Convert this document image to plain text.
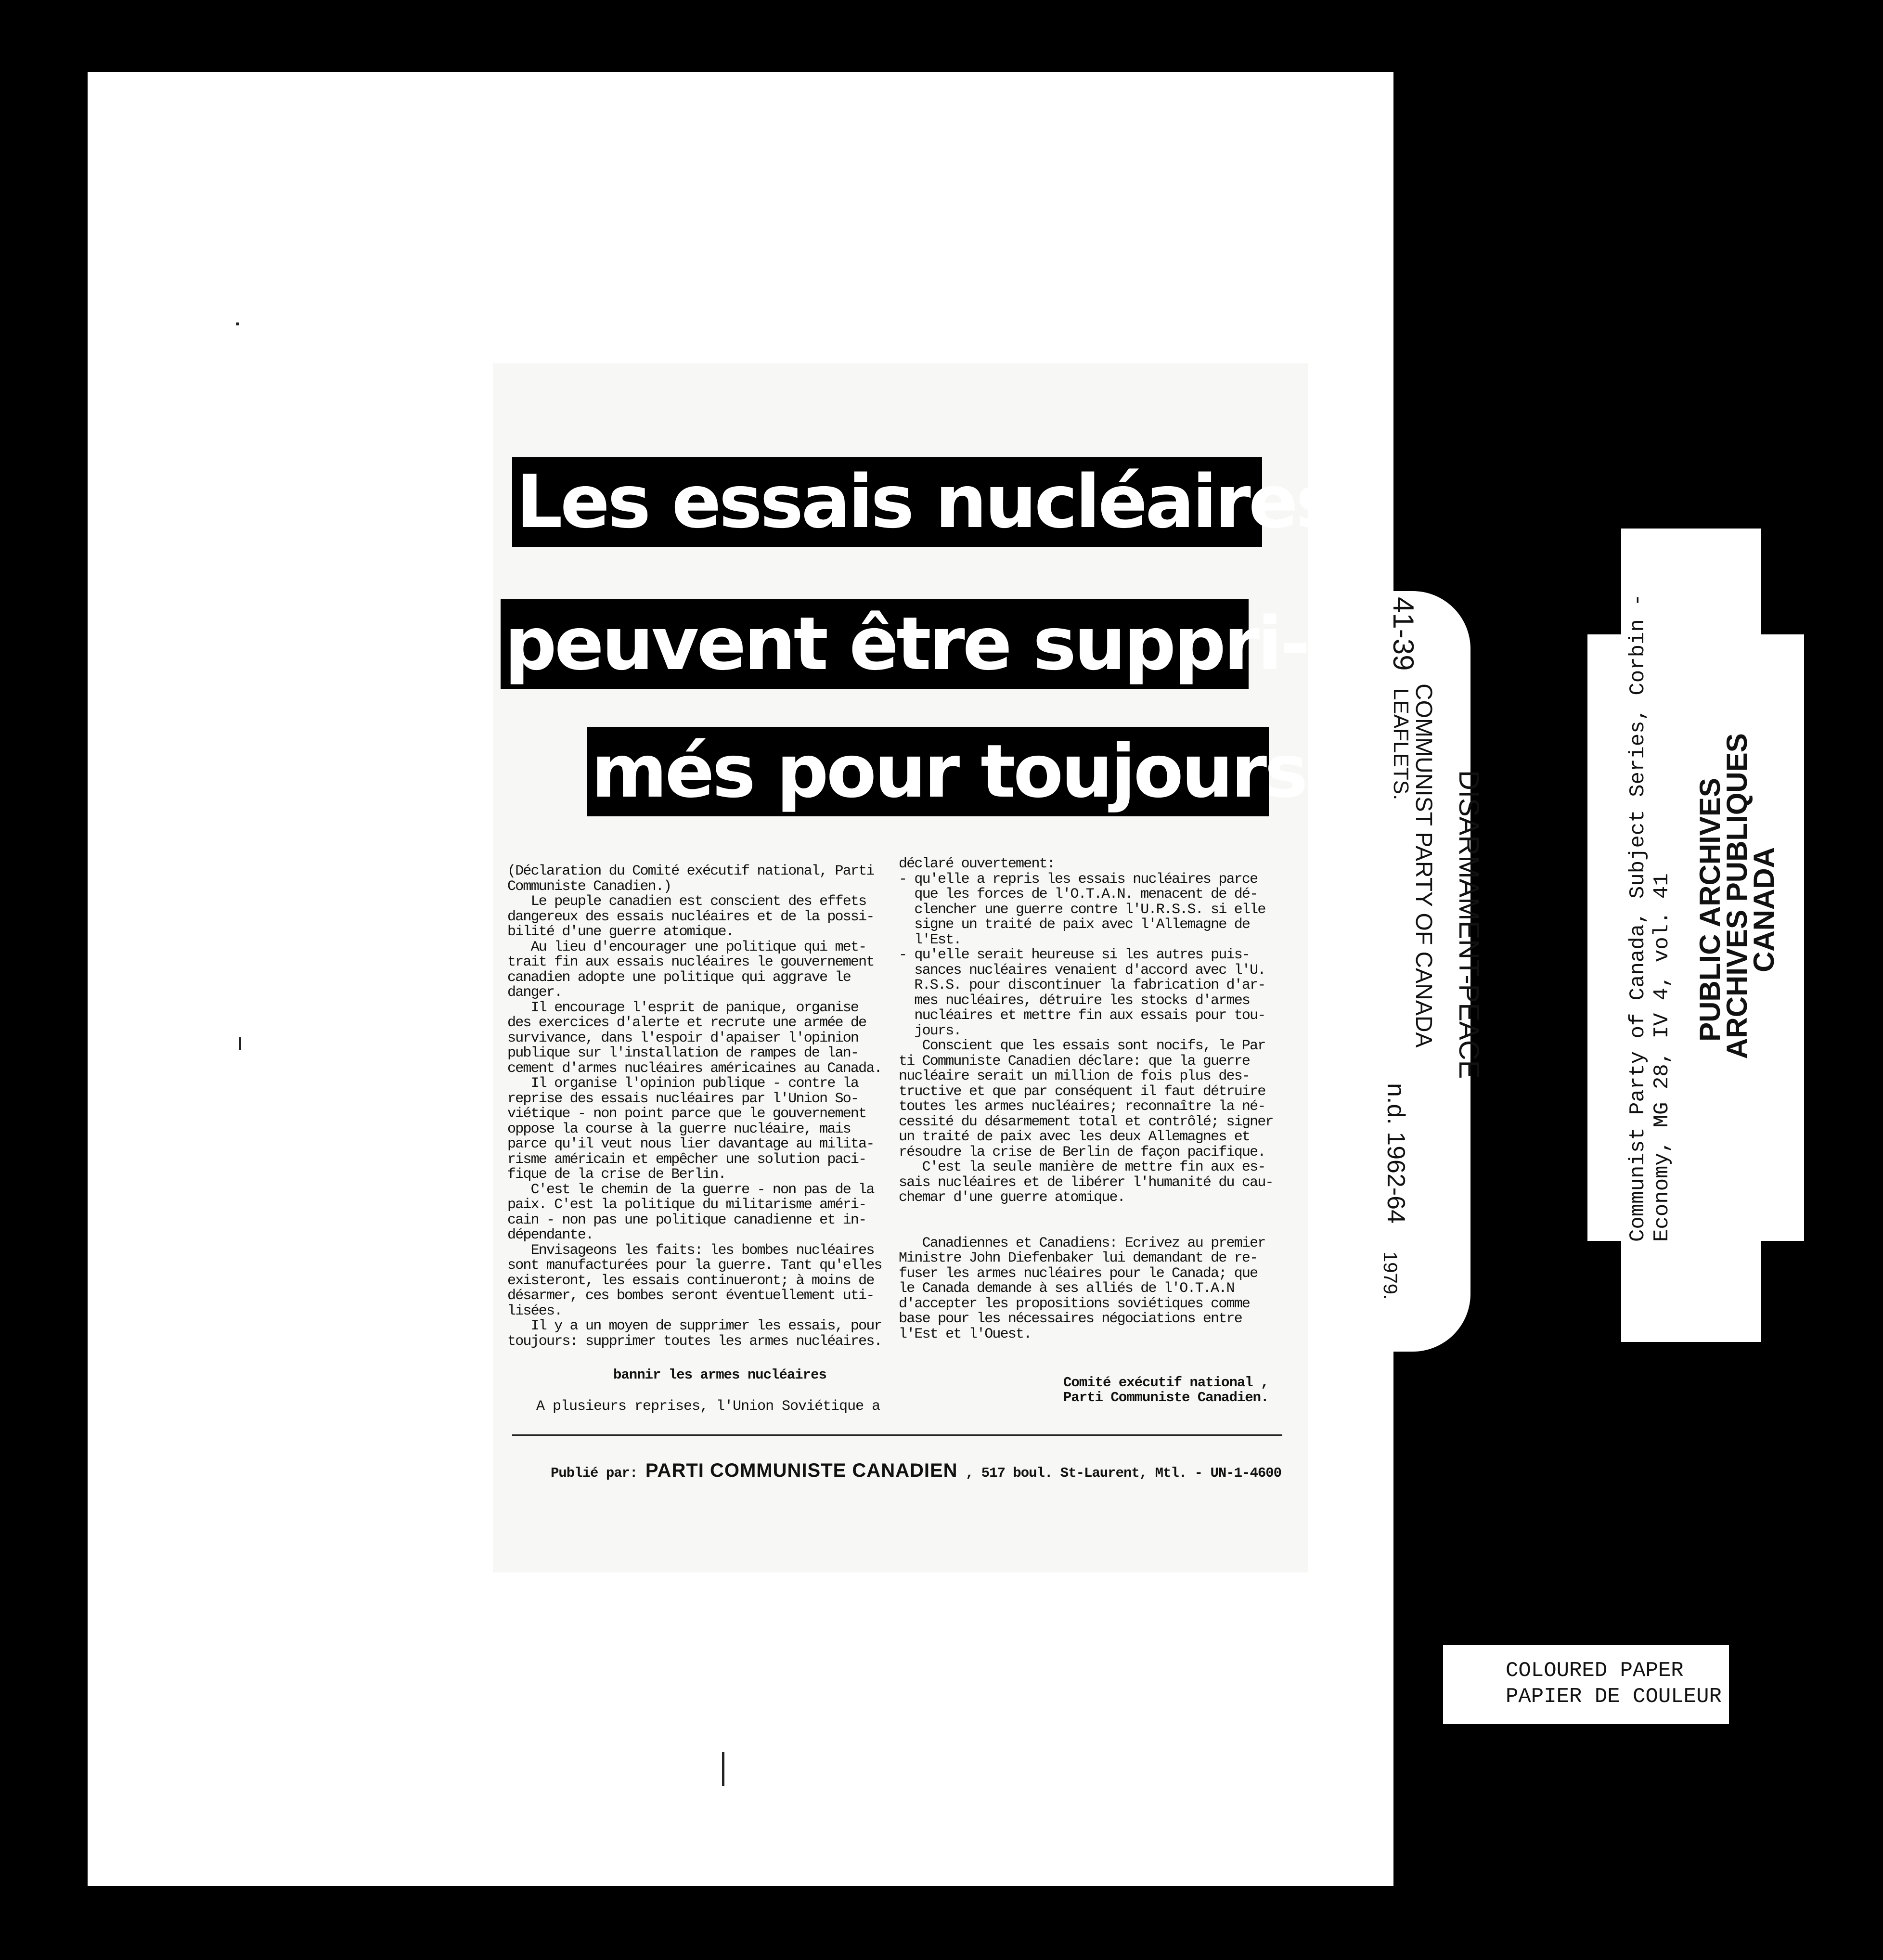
Les essais nucléaires
peuvent être suppri-
més pour toujours
(Déclaration du Comité exécutif national, Parti
Communiste Canadien.)
Le peuple canadien est conscient des effets
dangereux des essais nucléaires et de la possi-
bilité d'une guerre atomique.
Au lieu d'encourager une politique qui met-
trait fin aux essais nucléaires le gouvernement
canadien adopte une politique qui aggrave le
danger.
Il encourage l'esprit de panique, organise
des exercices d'alerte et recrute une armée de
survivance, dans l'espoir d'apaiser l'opinion
publique sur l'installation de rampes de lan-
cement d'armes nucléaires américaines au Canada.
Il organise l'opinion publique - contre la
reprise des essais nucléaires par l'Union So-
viétique - non point parce que le gouvernement
oppose la course à la guerre nucléaire, mais
parce qu'il veut nous lier davantage au milita-
risme américain et empêcher une solution paci-
fique de la crise de Berlin.
C'est le chemin de la guerre - non pas de la
paix. C'est la politique du militarisme améri-
cain - non pas une politique canadienne et in-
dépendante.
Envisageons les faits: les bombes nucléaires
sont manufacturées pour la guerre. Tant qu'elles
existeront, les essais continueront; à moins de
désarmer, ces bombes seront éventuellement uti-
lisées.
Il y a un moyen de supprimer les essais, pour
toujours: supprimer toutes les armes nucléaires.
bannir les armes nucléaires
A plusieurs reprises, l'Union Soviétique a
déclaré ouvertement:
- qu'elle a repris les essais nucléaires parce
que les forces de l'O.T.A.N. menacent de dé-
clencher une guerre contre l'U.R.S.S. si elle
signe un traité de paix avec l'Allemagne de
l'Est.
- qu'elle serait heureuse si les autres puis-
sances nucléaires venaient d'accord avec l'U.
R.S.S. pour discontinuer la fabrication d'ar-
mes nucléaires, détruire les stocks d'armes
nucléaires et mettre fin aux essais pour tou-
jours.
Conscient que les essais sont nocifs, le Par
ti Communiste Canadien déclare: que la guerre
nucléaire serait un million de fois plus des-
tructive et que par conséquent il faut détruire
toutes les armes nucléaires; reconnaître la né-
cessité du désarmement total et contrôlé; signer
un traité de paix avec les deux Allemagnes et
résoudre la crise de Berlin de façon pacifique.
C'est la seule manière de mettre fin aux es-
sais nucléaires et de libérer l'humanité du cau-
chemar d'une guerre atomique.

Canadiennes et Canadiens: Ecrivez au premier
Ministre John Diefenbaker lui demandant de re-
fuser les armes nucléaires pour le Canada; que
le Canada demande à ses alliés de l'O.T.A.N
d'accepter les propositions soviétiques comme
base pour les nécessaires négociations entre
l'Est et l'Ouest.
Comité exécutif national ,
Parti Communiste Canadien.
Publié par: PARTI COMMUNISTE CANADIEN , 517 boul. St-Laurent, Mtl. - UN-1-4600
41-39
COMMUNIST PARTY OF CANADA
LEAFLETS.
DISARMAMENT-PEACE
n.d. 1962-64
1979.
PUBLIC ARCHIVES
ARCHIVES PUBLIQUES
CANADA
COLOURED PAPER
PAPIER DE COULEUR
